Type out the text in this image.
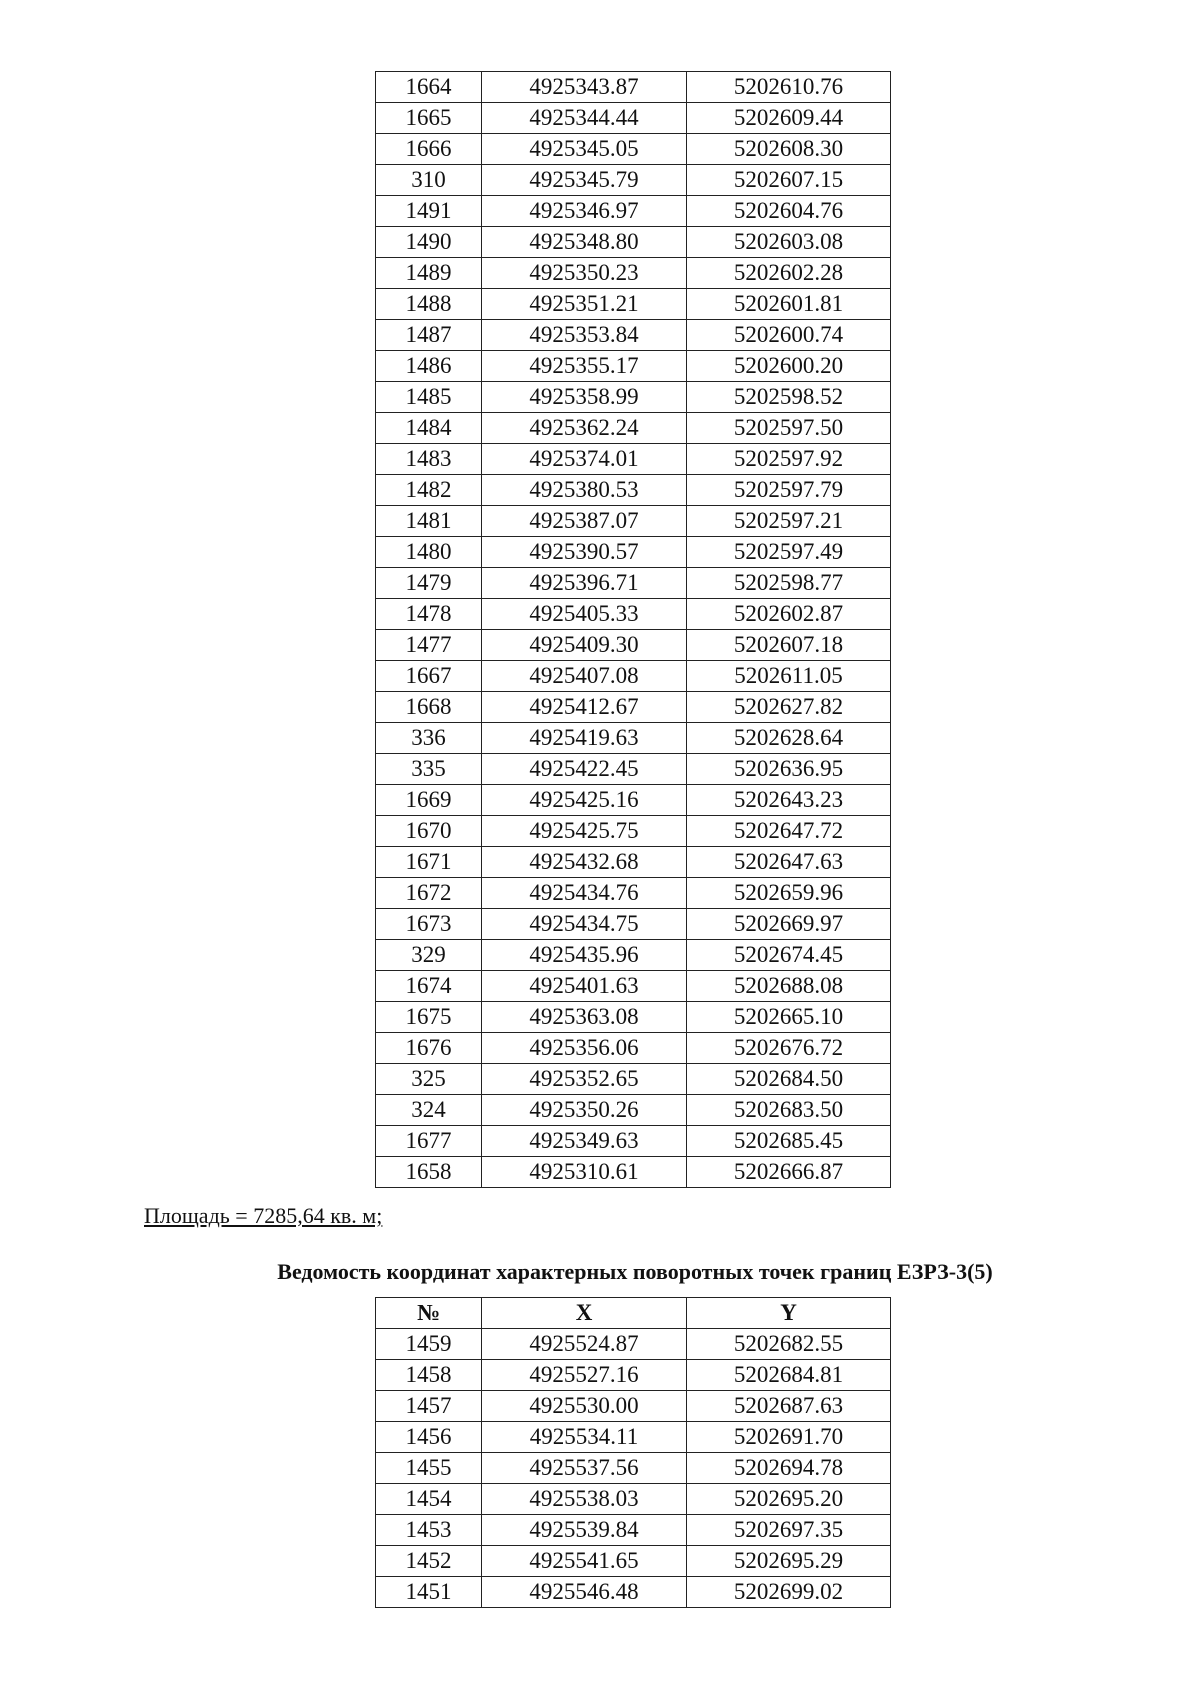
1664	4925343.87	5202610.76
1665	4925344.44	5202609.44
1666	4925345.05	5202608.30
310	4925345.79	5202607.15
1491	4925346.97	5202604.76
1490	4925348.80	5202603.08
1489	4925350.23	5202602.28
1488	4925351.21	5202601.81
1487	4925353.84	5202600.74
1486	4925355.17	5202600.20
1485	4925358.99	5202598.52
1484	4925362.24	5202597.50
1483	4925374.01	5202597.92
1482	4925380.53	5202597.79
1481	4925387.07	5202597.21
1480	4925390.57	5202597.49
1479	4925396.71	5202598.77
1478	4925405.33	5202602.87
1477	4925409.30	5202607.18
1667	4925407.08	5202611.05
1668	4925412.67	5202627.82
336	4925419.63	5202628.64
335	4925422.45	5202636.95
1669	4925425.16	5202643.23
1670	4925425.75	5202647.72
1671	4925432.68	5202647.63
1672	4925434.76	5202659.96
1673	4925434.75	5202669.97
329	4925435.96	5202674.45
1674	4925401.63	5202688.08
1675	4925363.08	5202665.10
1676	4925356.06	5202676.72
325	4925352.65	5202684.50
324	4925350.26	5202683.50
1677	4925349.63	5202685.45
1658	4925310.61	5202666.87
Площадь = 7285,64 кв. м;
Ведомость координат характерных поворотных точек границ ЕЗРЗ-3(5)
№	X	Y
1459	4925524.87	5202682.55
1458	4925527.16	5202684.81
1457	4925530.00	5202687.63
1456	4925534.11	5202691.70
1455	4925537.56	5202694.78
1454	4925538.03	5202695.20
1453	4925539.84	5202697.35
1452	4925541.65	5202695.29
1451	4925546.48	5202699.02
